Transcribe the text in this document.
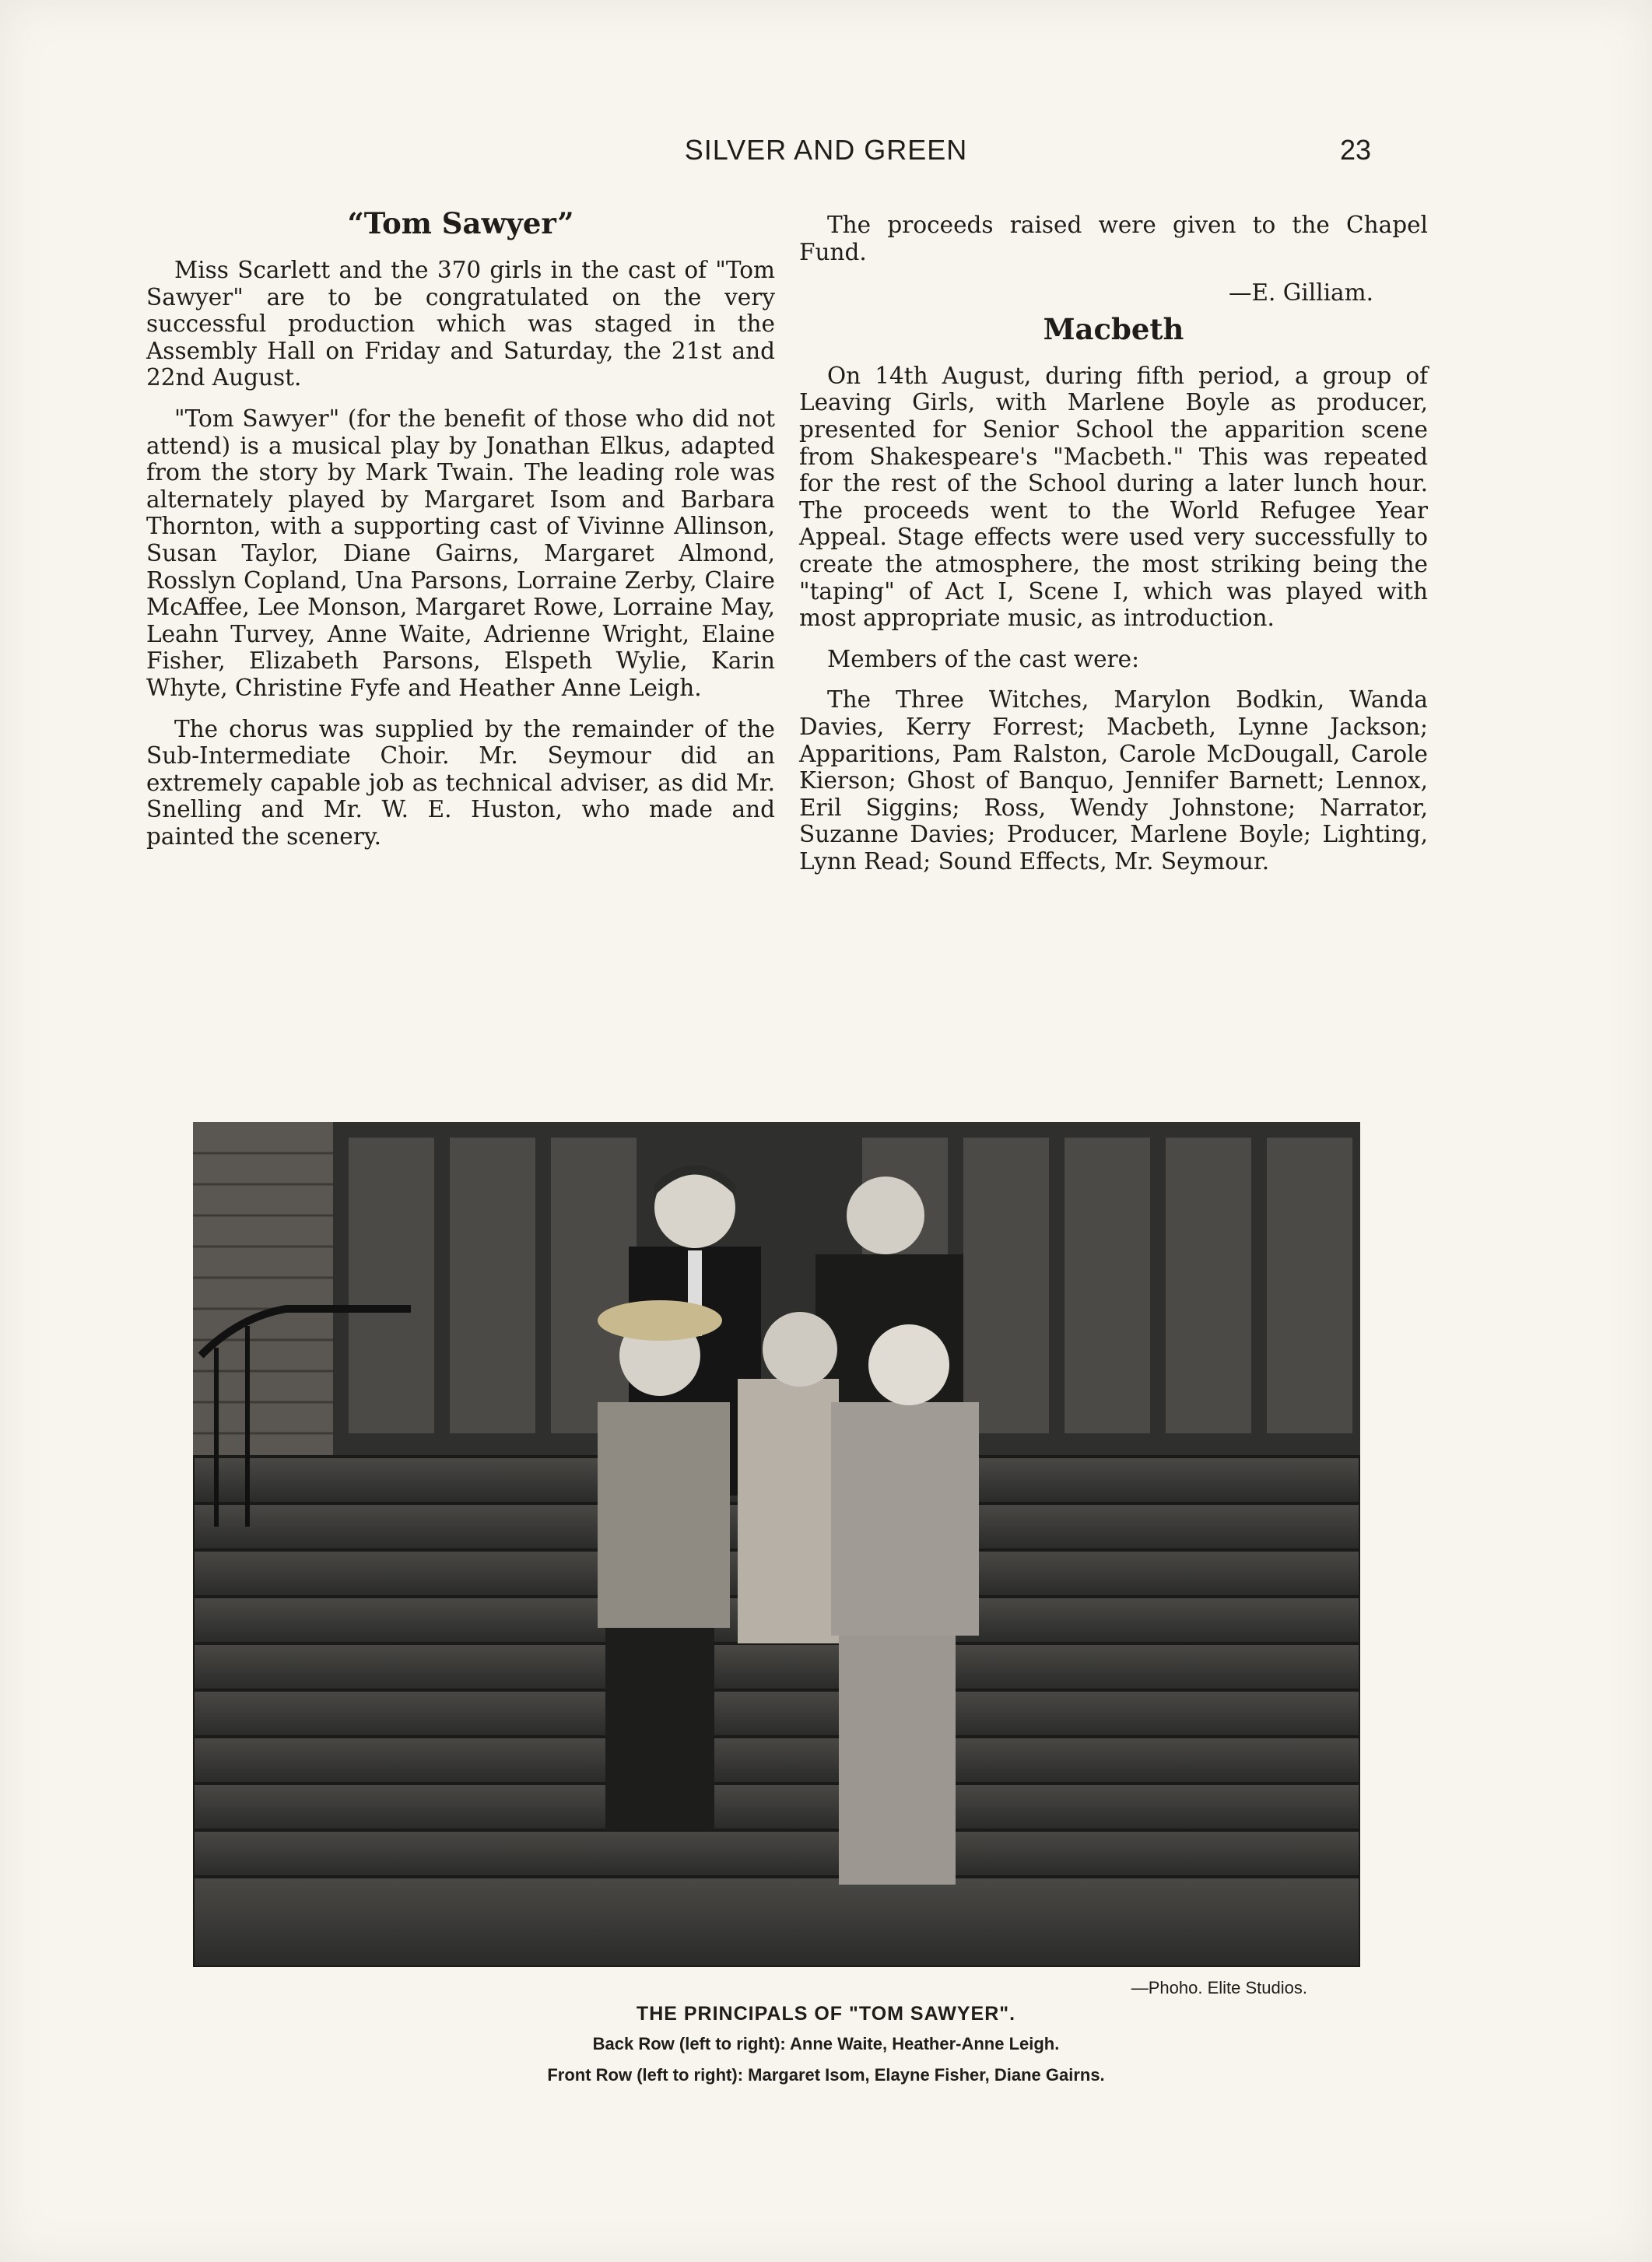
SILVER AND GREEN	23
“Tom Sawyer”

Miss Scarlett and the 370 girls in the cast of "Tom Sawyer" are to be congratulated on the very successful production which was staged in the Assembly Hall on Friday and Saturday, the 21st and 22nd August.

"Tom Sawyer" (for the benefit of those who did not attend) is a musical play by Jonathan Elkus, adapted from the story by Mark Twain. The leading role was alternately played by Margaret Isom and Barbara Thornton, with a supporting cast of Vivinne Allinson, Susan Taylor, Diane Gairns, Margaret Almond, Rosslyn Copland, Una Parsons, Lorraine Zerby, Claire McAffee, Lee Monson, Margaret Rowe, Lorraine May, Leahn Turvey, Anne Waite, Adrienne Wright, Elaine Fisher, Elizabeth Parsons, Elspeth Wylie, Karin Whyte, Christine Fyfe and Heather Anne Leigh.

The chorus was supplied by the remainder of the Sub-Intermediate Choir. Mr. Seymour did an extremely capable job as technical adviser, as did Mr. Snelling and Mr. W. E. Huston, who made and painted the scenery.

The proceeds raised were given to the Chapel Fund.

—E. Gilliam.
Macbeth

On 14th August, during fifth period, a group of Leaving Girls, with Marlene Boyle as producer, presented for Senior School the apparition scene from Shakespeare's "Macbeth." This was repeated for the rest of the School during a later lunch hour. The proceeds went to the World Refugee Year Appeal. Stage effects were used very successfully to create the atmosphere, the most striking being the "taping" of Act I, Scene I, which was played with most appropriate music, as introduction.

Members of the cast were:

The Three Witches, Marylon Bodkin, Wanda Davies, Kerry Forrest; Macbeth, Lynne Jackson; Apparitions, Pam Ralston, Carole McDougall, Carole Kierson; Ghost of Banquo, Jennifer Barnett; Lennox, Eril Siggins; Ross, Wendy Johnstone; Narrator, Suzanne Davies; Producer, Marlene Boyle; Lighting, Lynn Read; Sound Effects, Mr. Seymour.

—Phoho. Elite Studios.
THE PRINCIPALS OF "TOM SAWYER".
Back Row (left to right): Anne Waite, Heather-Anne Leigh.
Front Row (left to right): Margaret Isom, Elayne Fisher, Diane Gairns.
